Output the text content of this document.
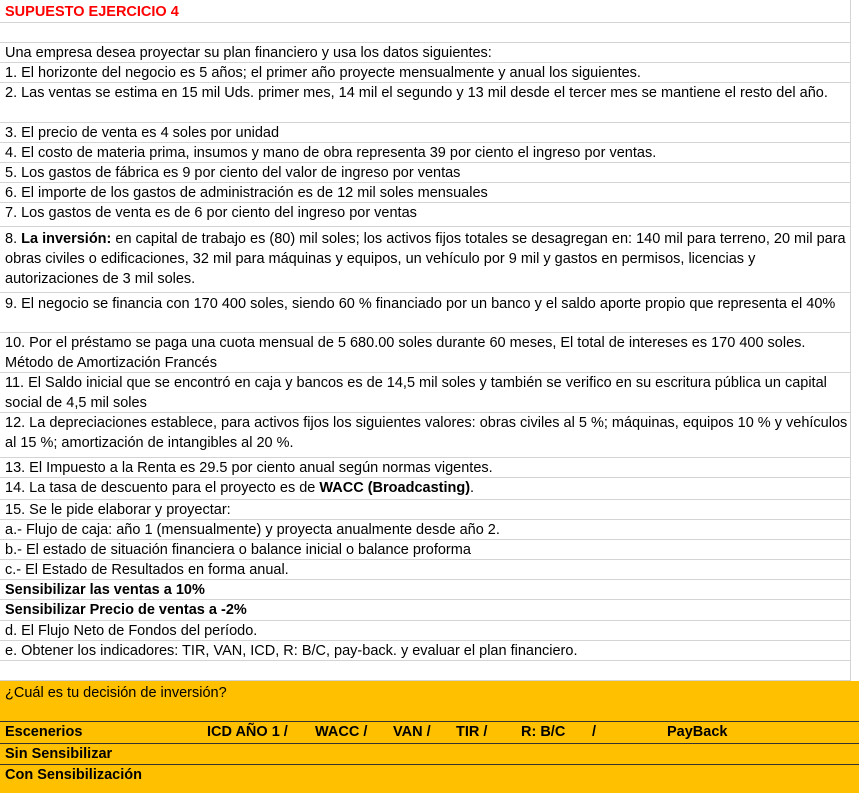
SUPUESTO EJERCICIO 4
Una empresa desea proyectar su plan financiero y usa los datos siguientes:
1. El horizonte del negocio es 5 años; el primer año proyecte mensualmente y anual los siguientes.
2. Las ventas se estima en 15 mil Uds. primer mes, 14 mil el segundo y 13 mil desde el tercer mes se mantiene el resto del año.
3. El precio de venta es 4 soles por unidad
4. El costo de materia prima, insumos y mano de obra representa 39 por ciento el ingreso por ventas.
5. Los gastos de fábrica es 9 por ciento del valor de ingreso por ventas
6. El importe de los gastos de administración es de 12 mil soles mensuales
7. Los gastos de venta es de 6 por ciento del ingreso por ventas
8. La inversión: en capital de trabajo es (80) mil soles; los activos fijos totales se desagregan en: 140 mil para terreno, 20 mil para obras civiles o edificaciones, 32 mil para máquinas y equipos, un vehículo por 9 mil y gastos en permisos, licencias y autorizaciones de 3 mil soles.
9. El negocio se financia con 170 400 soles, siendo 60 % financiado por un banco y el saldo aporte propio que representa el 40%
10. Por el préstamo se paga una cuota mensual de 5 680.00 soles durante 60 meses, El total de intereses es 170 400 soles. Método de Amortización Francés
11. El Saldo inicial que se encontró en caja y bancos es de 14,5 mil soles y también se verifico en su escritura pública un capital social de 4,5 mil soles
12. La depreciaciones establece, para activos fijos los siguientes valores: obras civiles al 5 %; máquinas, equipos 10 % y vehículos al 15 %; amortización de intangibles al 20 %.
13. El Impuesto a la Renta es 29.5 por ciento anual según normas vigentes.
14. La tasa de descuento para el proyecto es de WACC (Broadcasting).
15. Se le pide elaborar y proyectar:
a.- Flujo de caja: año 1 (mensualmente) y proyecta anualmente desde año 2.
b.- El estado de situación financiera o balance inicial o balance proforma
c.- El Estado de Resultados en forma anual.
Sensibilizar las ventas a 10%
Sensibilizar Precio de ventas a -2%
d. El Flujo Neto de Fondos del período.
e. Obtener los indicadores: TIR, VAN, ICD, R: B/C, pay-back. y evaluar el plan financiero.
¿Cuál es tu decisión de inversión?
Escenerios	ICD AÑO 1 / WACC / VAN / TIR / R: B/C /	PayBack
Sin Sensibilizar
Con Sensibilización
